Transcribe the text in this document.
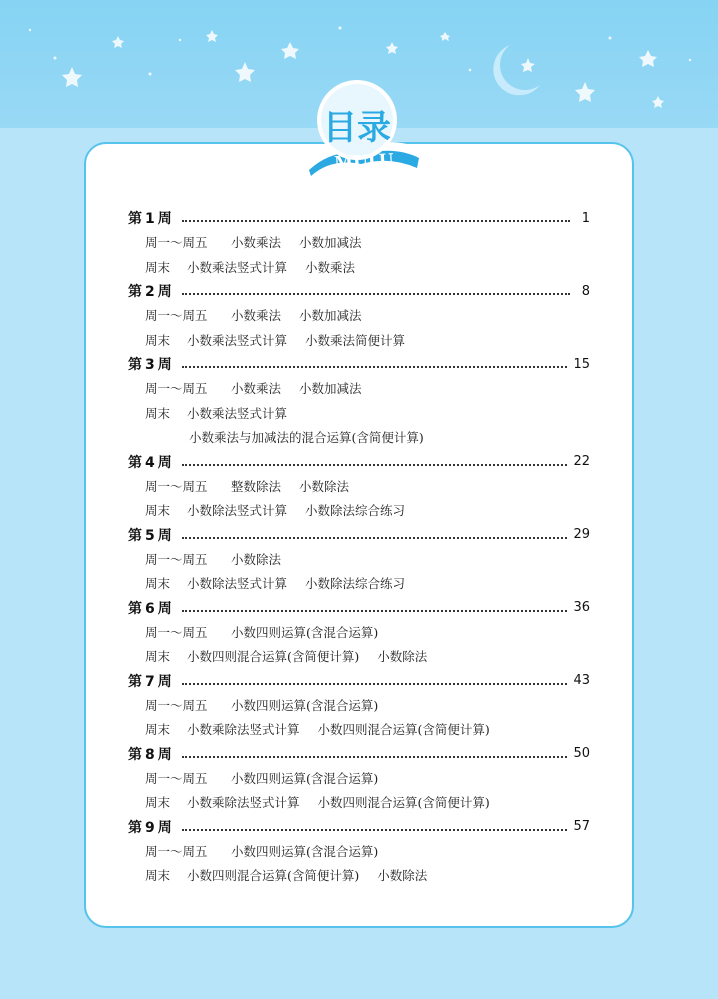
目录
MULU
第 1 周	1
周一～周五	小数乘法 小数加减法
周末	小数乘法竖式计算 小数乘法
第 2 周	8
周一～周五	小数乘法 小数加减法
周末	小数乘法竖式计算 小数乘法简便计算
第 3 周	15
周一～周五	小数乘法 小数加减法
周末	小数乘法竖式计算
小数乘法与加减法的混合运算(含简便计算)
第 4 周	22
周一～周五	整数除法 小数除法
周末	小数除法竖式计算 小数除法综合练习
第 5 周	29
周一～周五	小数除法
周末	小数除法竖式计算 小数除法综合练习
第 6 周	36
周一～周五	小数四则运算(含混合运算)
周末	小数四则混合运算(含简便计算) 小数除法
第 7 周	43
周一～周五	小数四则运算(含混合运算)
周末	小数乘除法竖式计算 小数四则混合运算(含简便计算)
第 8 周	50
周一～周五	小数四则运算(含混合运算)
周末	小数乘除法竖式计算 小数四则混合运算(含简便计算)
第 9 周	57
周一～周五	小数四则运算(含混合运算)
周末	小数四则混合运算(含简便计算) 小数除法
